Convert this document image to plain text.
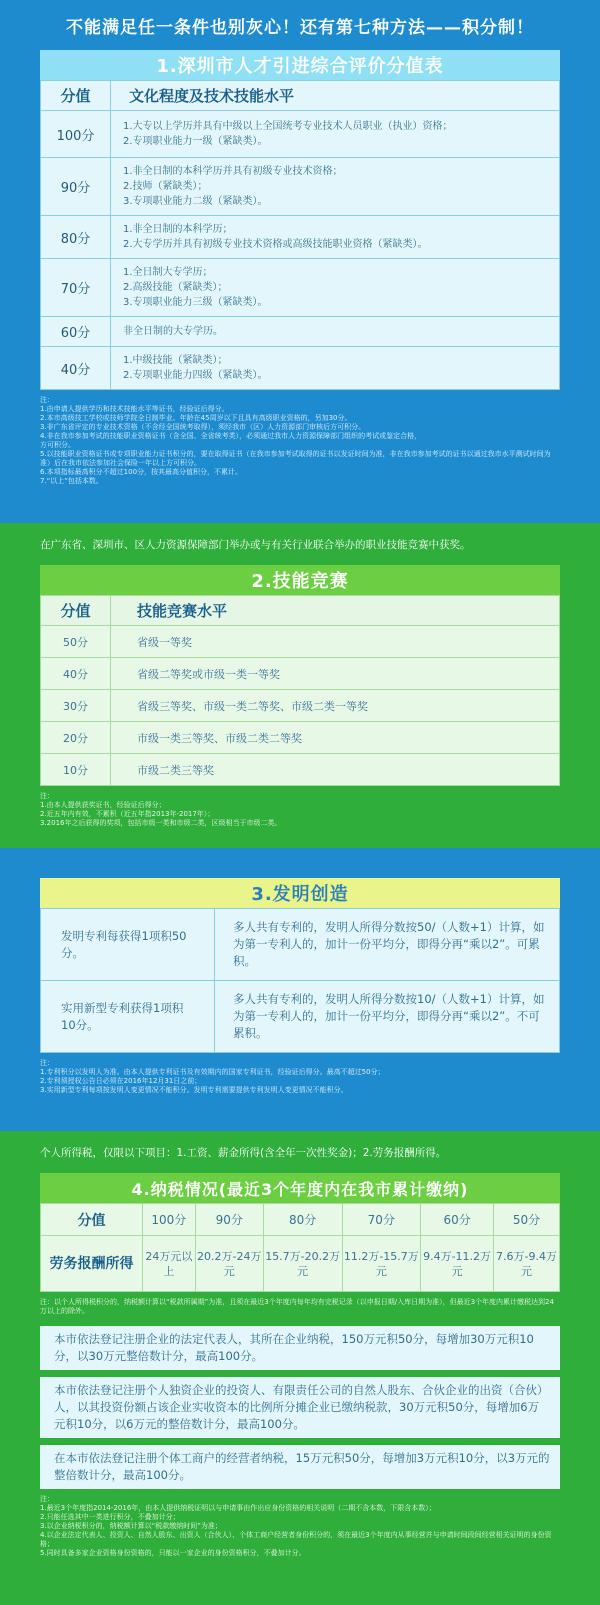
不能满足任一条件也别灰心！还有第七种方法——积分制！
1.深圳市人才引进综合评价分值表
分值	文化程度及技术技能水平
100分	1.大专以上学历并具有中级以上全国统考专业技术人员职业（执业）资格；
2.专项职业能力一级（紧缺类）。

90分	1.非全日制的本科学历并具有初级专业技术资格；
2.技师（紧缺类）；
3.专项职业能力二级（紧缺类）。

80分	1.非全日制的本科学历；
2.大专学历并具有初级专业技术资格或高级技能职业资格（紧缺类）。

70分	1.全日制大专学历；
2.高级技能（紧缺类）；
3.专项职业能力三级（紧缺类）。

60分	非全日制的大专学历。

40分	1.中级技能（紧缺类）；
2.专项职业能力四级（紧缺类）。
注：
1.由申请人提供学历和技术技能水平等证书，经验证后得分。
2.本市高级技工学校或技师学院全日制毕业、年龄在45周岁以下且具有高级职业资格的，另加30分。
3.非广东省评定的专业技术资格（不含经全国统考取得），须经我市（区）人力资源部门审核后方可积分。
4.非在我市参加考试的技能职业资格证书（含全国、全省统考类），必须通过我市人力资源保障部门组织的考试或鉴定合格，
方可积分。
5.以技能职业资格证书或专项职业能力证书积分的，要在取得证书（在我市参加考试取得的证书以发证时间为准，非在我市参加考试的证书以通过我市水平测试时间为准）后在我市依法参加社会保险一年以上方可积分。
6.本项指标最高积分不超过100分，按其最高分值积分，不累计。
7.“以上”包括本数。
在广东省、深圳市、区人力资源保障部门举办或与有关行业联合举办的职业技能竞赛中获奖。
2.技能竞赛
分值	技能竞赛水平
50分	省级一等奖
40分	省级二等奖或市级一类一等奖
30分	省级三等奖、市级一类二等奖、市级二类一等奖
20分	市级一类三等奖、市级二类二等奖
10分	市级二类三等奖
注：
1.由本人提供获奖证书，经验证后得分；
2.近五年内有效，不累积（近五年指2013年-2017年）；
3.2016年之后获得的奖项，包括市级一类和市级二类，区级相当于市级二类。
3.发明创造
发明专利每获得1项积50分。	多人共有专利的，发明人所得分数按50/（人数+1）计算，如为第一专利人的，加计一份平均分，即得分再“乘以2”。可累积。
实用新型专利获得1项积10分。	多人共有专利的，发明人所得分数按10/（人数+1）计算，如为第一专利人的，加计一份平均分，即得分再“乘以2”。不可累积。
注：
1.专利积分以发明人为准。由本人提供专利证书及有效期内的国家专利证书，经验证后得分。最高不超过50分；
2.专利须授权公告日必须在2016年12月31日之前；
3.实用新型专利每项按发明人变更情况不能积分。发明专利需要提供专利发明人变更情况不能积分。
个人所得税，仅限以下项目：1.工资、薪金所得(含全年一次性奖金)；2.劳务报酬所得。
4.纳税情况(最近3个年度内在我市累计缴纳)
分值	100分	90分	80分	70分	60分	50分
劳务报酬所得	24万元以上	20.2万-24万元	15.7万-20.2万元	11.2万-15.7万元	9.4万-11.2万元	7.6万-9.4万元
注：以个人所得税积分的，纳税额计算以“税款所属期”为准，且须在最近3个年度内每年均有完税记录（以申报日期/入库日期为准），但最近3个年度内累计缴税达到24万以上的除外。
本市依法登记注册企业的法定代表人，其所在企业纳税，150万元积50分，每增加30万元积10分，以30万元整倍数计分，最高100分。
本市依法登记注册个人独资企业的投资人、有限责任公司的自然人股东、合伙企业的出资（合伙）人，以其投资份额占该企业实收资本的比例所分摊企业已缴纳税款，30万元积50分，每增加6万元积10分，以6万元的整倍数计分，最高100分。
在本市依法登记注册个体工商户的经营者纳税，15万元积50分，每增加3万元积10分，以3万元的整倍数计分，最高100分。
注：
1.最近3个年度指2014-2016年，由本人提供纳税证明以与申请事由作出应身份资格的相关说明（二期不含本数，下限含本数）；
2.只能任选其中一类进行积分，不叠加计分；
3.以企业纳税积分的，纳税额计算以“税款缴纳时间”为准；
4.以企业法定代表人、投资人、自然人股东、出资人（合伙人）、个体工商户经营者身份积分的，须在最近3个年度内从事经营并与申请时间段间经营相关证明的身份资格；
5.同时具备多家企业资格身份资格的，只能以一家企业的身份资格积分，不叠加计分。
